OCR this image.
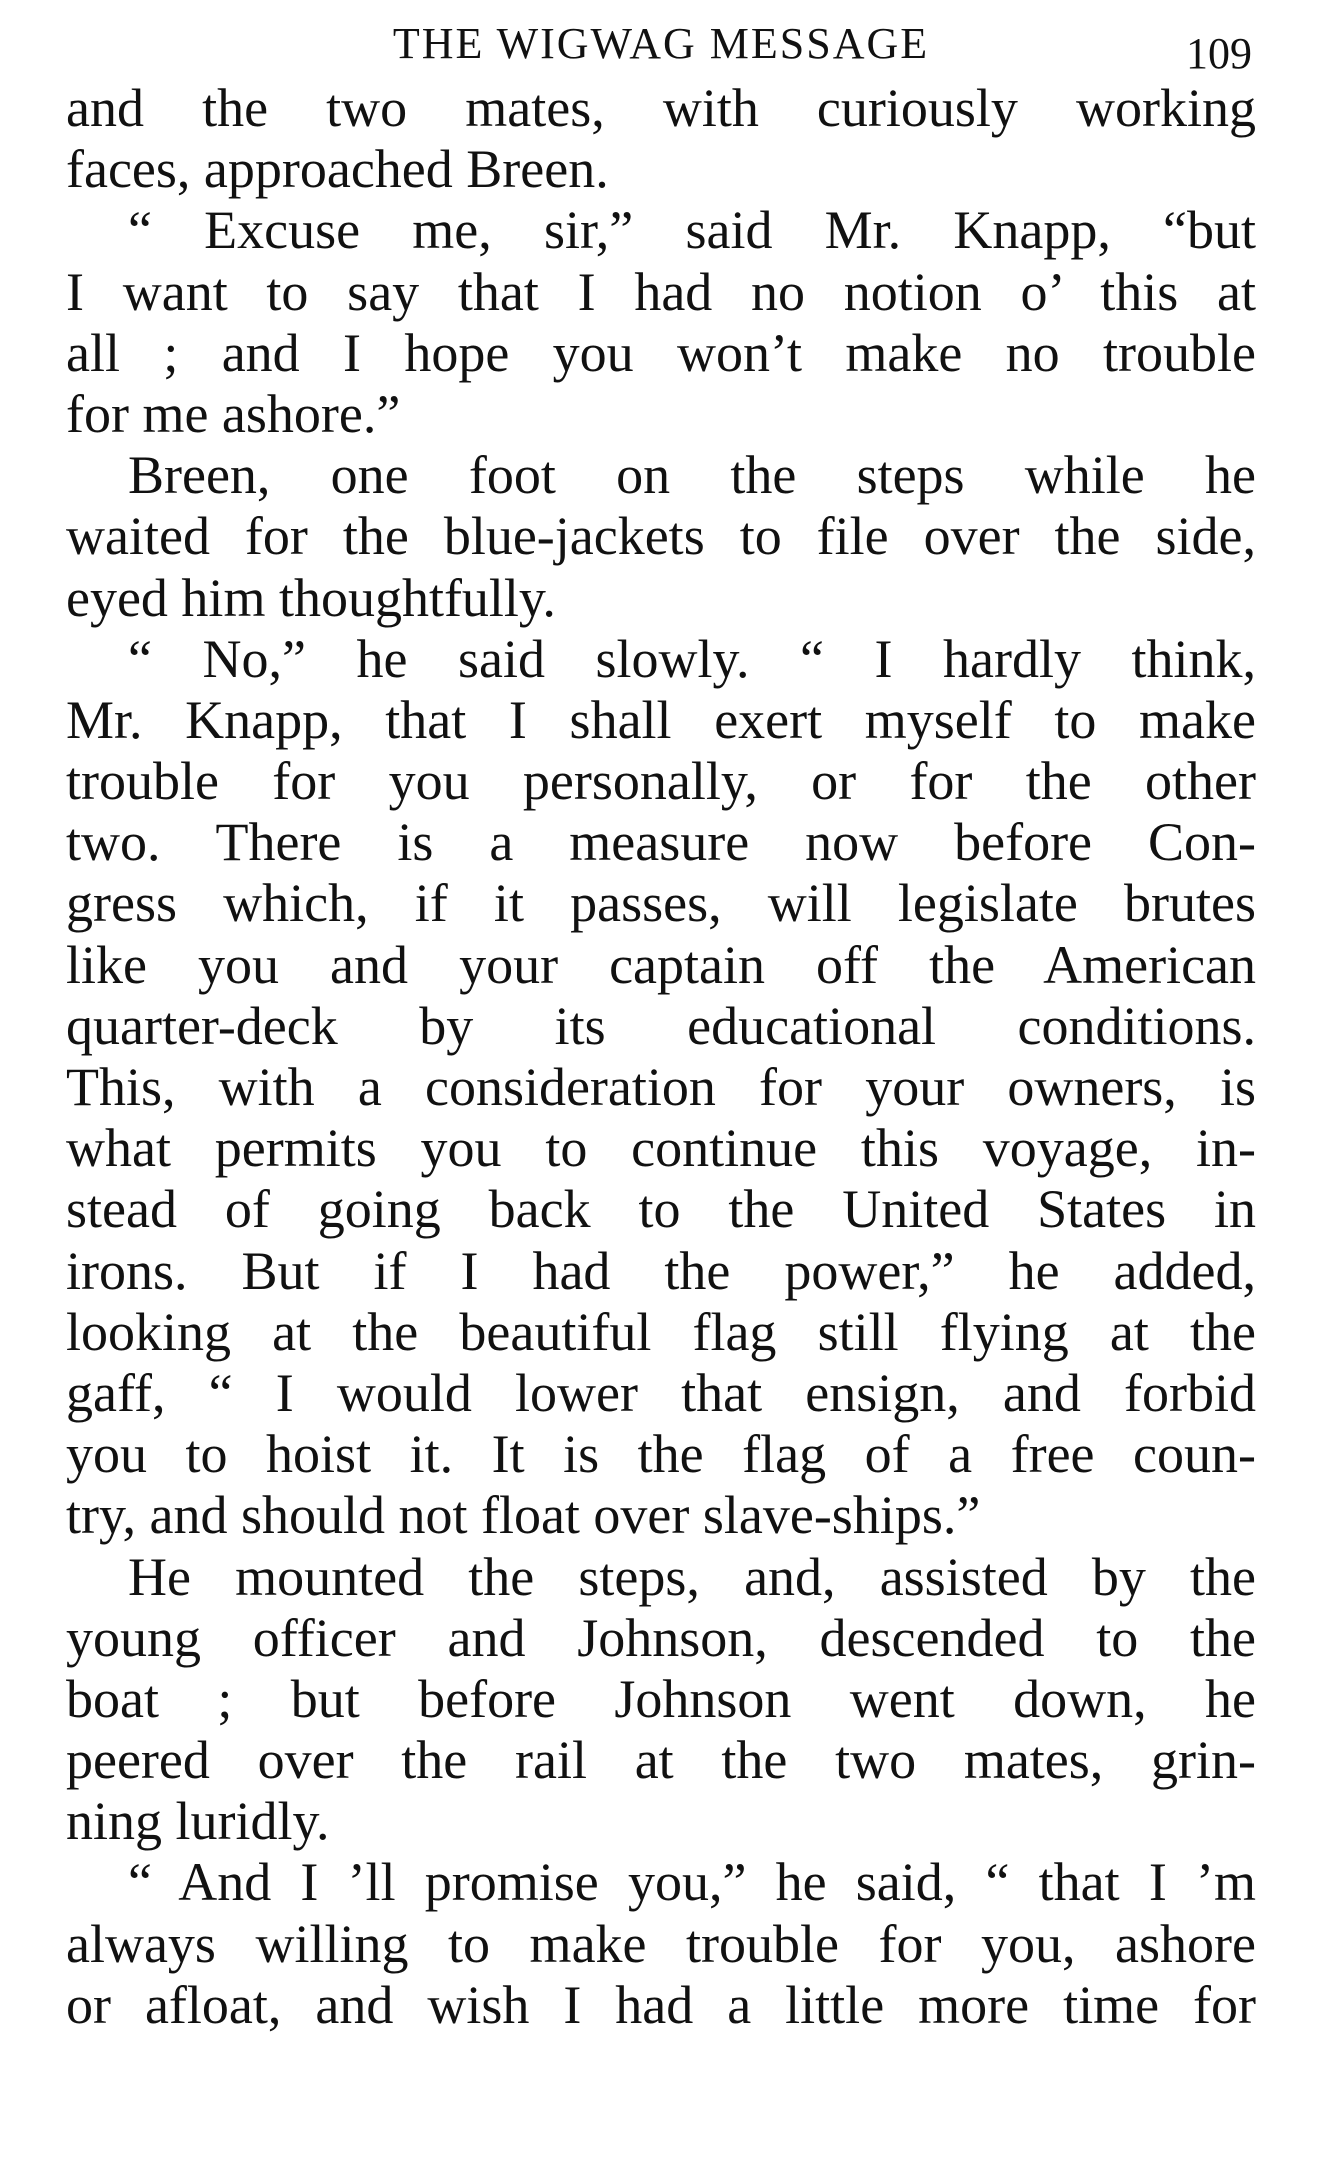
THE WIGWAG MESSAGE	109
and the two mates, with curiously working
faces, approached Breen.
“ Excuse me, sir,” said Mr. Knapp, “but
I want to say that I had no notion o’ this at
all ; and I hope you won’t make no trouble
for me ashore.”
Breen, one foot on the steps while he
waited for the blue-jackets to file over the side,
eyed him thoughtfully.
“ No,” he said slowly. “ I hardly think,
Mr. Knapp, that I shall exert myself to make
trouble for you personally, or for the other
two. There is a measure now before Con-
gress which, if it passes, will legislate brutes
like you and your captain off the American
quarter-deck by its educational conditions.
This, with a consideration for your owners, is
what permits you to continue this voyage, in-
stead of going back to the United States in
irons. But if I had the power,” he added,
looking at the beautiful flag still flying at the
gaff, “ I would lower that ensign, and forbid
you to hoist it. It is the flag of a free coun-
try, and should not float over slave-ships.”
He mounted the steps, and, assisted by the
young officer and Johnson, descended to the
boat ; but before Johnson went down, he
peered over the rail at the two mates, grin-
ning luridly.
“ And I ’ll promise you,” he said, “ that I ’m
always willing to make trouble for you, ashore
or afloat, and wish I had a little more time for
